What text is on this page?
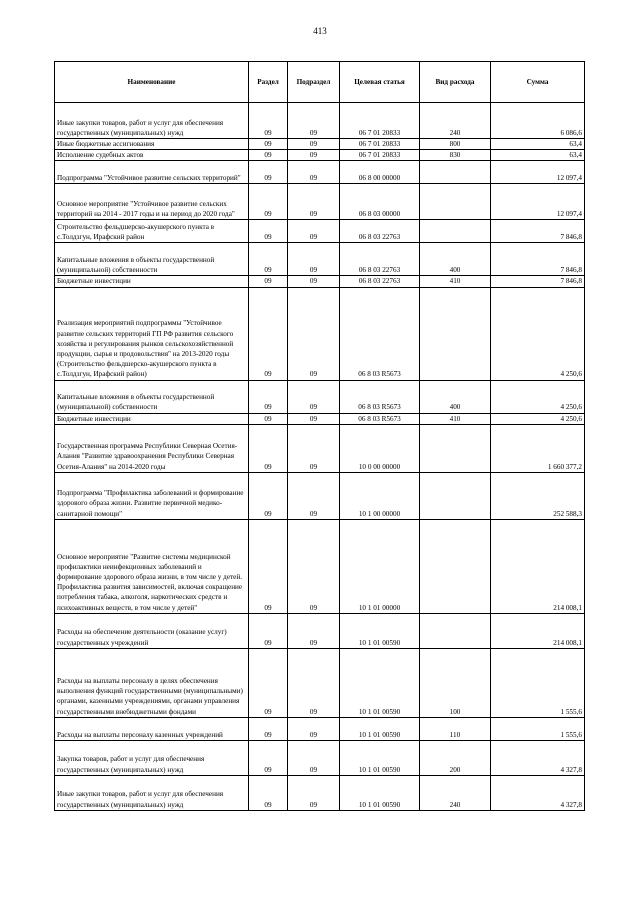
413
Наименование	Раздел	Подраздел	Целевая статья	Вид расхода	Сумма
Иные закупки товаров, работ и услуг для обеспечения государственных (муниципальных) нужд	09	09	06 7 01 20833	240	6 086,6
Иные бюджетные ассигнования	09	09	06 7 01 20833	800	63,4
Исполнение судебных актов	09	09	06 7 01 20833	830	63,4
Подпрограмма "Устойчивое развитие сельских территорий"	09	09	06 8 00 00000		12 097,4
Основное мероприятие "Устойчивое развитие сельских территорий на 2014 - 2017 годы и на период до 2020 года"	09	09	06 8 03 00000		12 097,4
Строительство фельдшерско-акушерского пункта в с.Толдзгун, Ирафский район	09	09	06 8 03 22763		7 846,8
Капитальные вложения в объекты государственной (муниципальной) собственности	09	09	06 8 03 22763	400	7 846,8
Бюджетные инвестиции	09	09	06 8 03 22763	410	7 846,8
Реализация мероприятий подпрограммы "Устойчивое развитие сельских территорий ГП РФ развития сельского хозяйства и регулирования рынков сельскохозяйственной продукции, сырья и продовольствия" на 2013-2020 годы (Строительство фельдшерско-акушерского пункта в с.Толдзгун, Ирафский район)	09	09	06 8 03 R5673		4 250,6
Капитальные вложения в объекты государственной (муниципальной) собственности	09	09	06 8 03 R5673	400	4 250,6
Бюджетные инвестиции	09	09	06 8 03 R5673	410	4 250,6
Государственная программа Республики Северная Осетия-Алания "Развитие здравоохранения Республики Северная Осетия-Алания" на 2014-2020 годы	09	09	10 0 00 00000		1 660 377,2
Подпрограмма "Профилактика заболеваний и формирование здорового образа жизни. Развитие первичной медико-санитарной помощи"	09	09	10 1 00 00000		252 588,3
Основное мероприятие "Развитие системы медицинской профилактики неинфекционных заболеваний и формирование здорового образа жизни, в том числе у детей. Профилактика развития зависимостей, включая сокращение потребления табака, алкоголя, наркотических средств и психоактивных веществ, в том числе у детей"	09	09	10 1 01 00000		214 008,1
Расходы на обеспечение деятельности (оказание услуг) государственных учреждений	09	09	10 1 01 00590		214 008,1
Расходы на выплаты персоналу в целях обеспечения выполнения функций государственными (муниципальными) органами, казенными учреждениями, органами управления государственными внебюджетными фондами	09	09	10 1 01 00590	100	1 555,6
Расходы на выплаты персоналу казенных учреждений	09	09	10 1 01 00590	110	1 555,6
Закупка товаров, работ и услуг для обеспечения государственных (муниципальных) нужд	09	09	10 1 01 00590	200	4 327,8
Иные закупки товаров, работ и услуг для обеспечения государственных (муниципальных) нужд	09	09	10 1 01 00590	240	4 327,8
